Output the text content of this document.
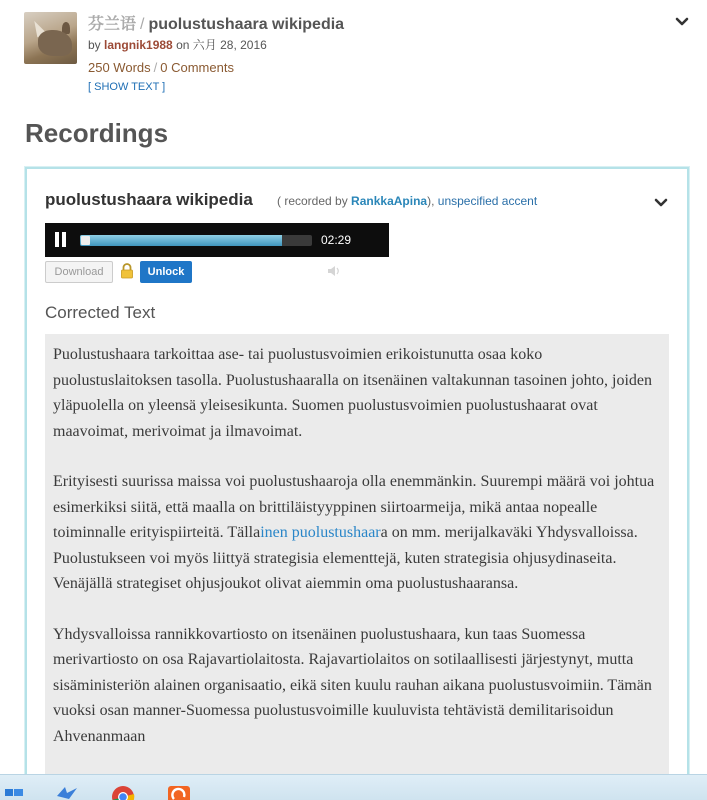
芬兰语 / puolustushaara wikipedia
by langnik1988 on 六月 28, 2016
250 Words / 0 Comments
[ SHOW TEXT ]
Recordings
puolustushaara wikipedia ( recorded by RankkaApina), unspecified accent
02:29
Download	Unlock
Corrected Text

Puolustushaara tarkoittaa ase- tai puolustusvoimien erikoistunutta osaa koko puolustuslaitoksen tasolla. Puolustushaaralla on itsenäinen valtakunnan tasoinen johto, joiden yläpuolella on yleensä yleisesikunta. Suomen puolustusvoimien puolustushaarat ovat maavoimat, merivoimat ja ilmavoimat.

Erityisesti suurissa maissa voi puolustushaaroja olla enemmänkin. Suurempi määrä voi johtua esimerkiksi siitä, että maalla on brittiläistyyppinen siirtoarmeija, mikä antaa nopealle toiminnalle erityispiirteitä. Tällainen puolustushaara on mm. merijalkaväki Yhdysvalloissa. Puolustukseen voi myös liittyä strategisia elementtejä, kuten strategisia ohjusydinaseita. Venäjällä strategiset ohjusjoukot olivat aiemmin oma puolustushaaransa.

Yhdysvalloissa rannikkovartiosto on itsenäinen puolustushaara, kun taas Suomessa merivartiosto on osa Rajavartiolaitosta. Rajavartiolaitos on sotilaallisesti järjestynyt, mutta sisäministeriön alainen organisaatio, eikä siten kuulu rauhan aikana puolustusvoimiin. Tämän vuoksi osan manner-Suomessa puolustusvoimille kuuluvista tehtävistä demilitarisoidun Ahvenanmaan
